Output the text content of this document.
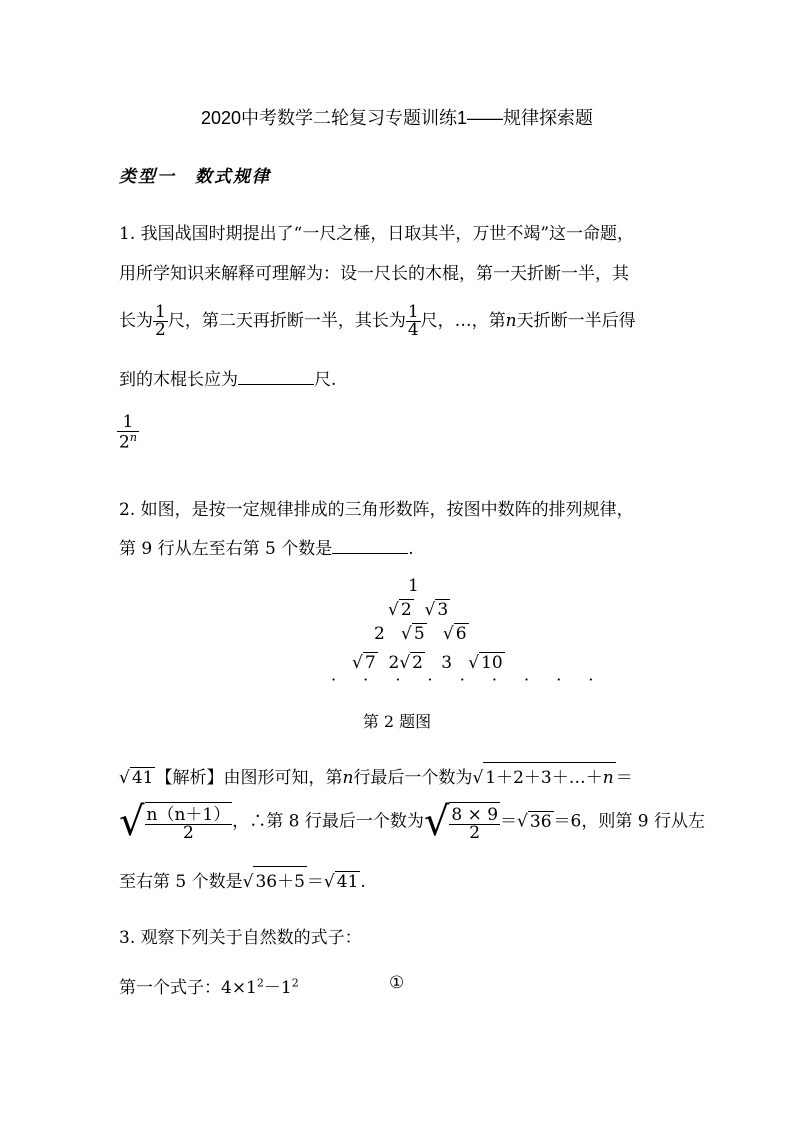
2020中考数学二轮复习专题训练1——规律探索题
类型一　数式规律
1. 我国战国时期提出了“一尺之棰，日取其半，万世不竭”这一命题，
用所学知识来解释可理解为：设一尺长的木棍，第一天折断一半，其
长为 $\frac{1}{2}$ 尺，第二天再折断一半，其长为 $\frac{1}{4}$ 尺，…，第n天折断一半后得
到的木棍长应为	尺.
$\frac{1}{2^n}$
2. 如图，是按一定规律排成的三角形数阵，按图中数阵的排列规律，
第 9 行从左至右第 5 个数是	.
1
√ 2  √ 3
2   √ 5   √ 6
√ 7 2√ 2 3   √ 10
· · · · · · · · ·
第 2 题图
√ 41 【解析】由图形可知，第n行最后一个数为√ 1＋2＋3＋…＋n ＝
√ $\frac{n(n+1)}{2}$ ，∴第 8 行最后一个数为√ $\frac{8 \times 9}{2}$ ＝√ 36 ＝6，则第 9 行从左
至右第 5 个数是√ 36＋5 ＝√ 41 .
3. 观察下列关于自然数的式子：
第一个式子：$4\times 1^2-1^2$	①
